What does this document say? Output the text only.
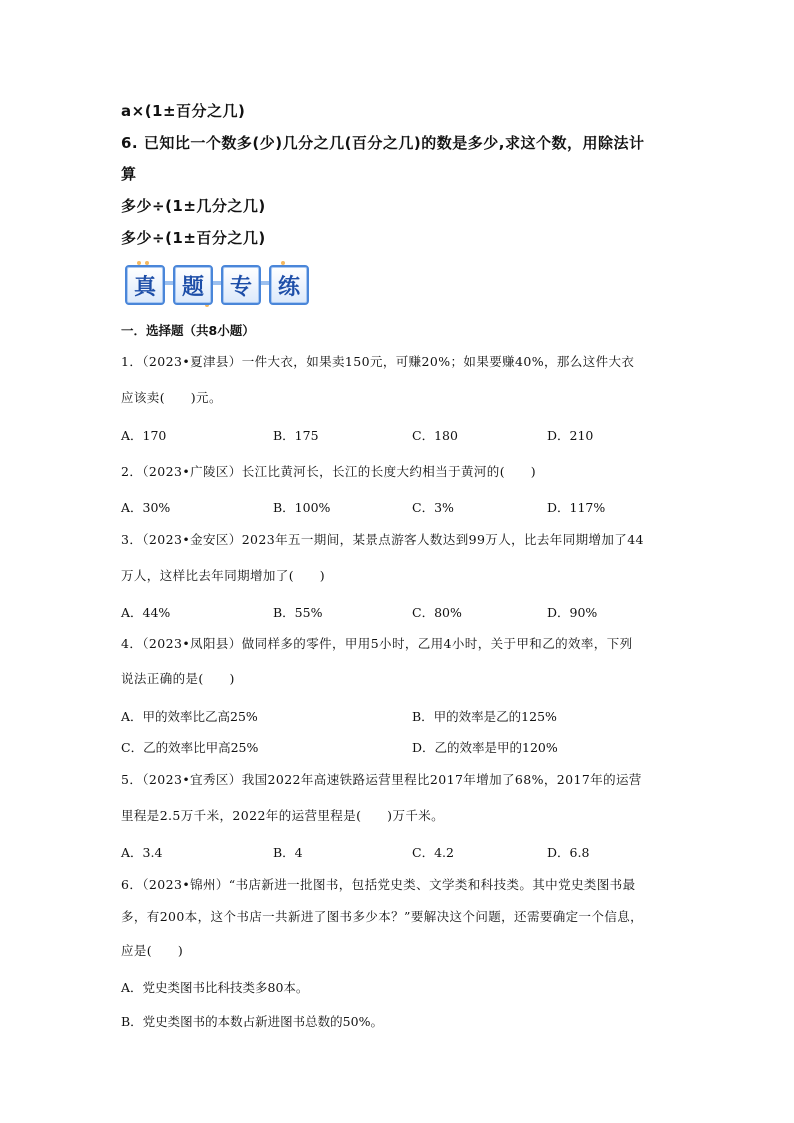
a×(1±百分之几)
6. 已知比一个数多(少)几分之几(百分之几)的数是多少,求这个数，用除法计
算
多少÷(1±几分之几)
多少÷(1±百分之几)
真	题	专	练
一．选择题（共8小题）
1．（2023•夏津县）一件大衣，如果卖150元，可赚20%；如果要赚40%，那么这件大衣
应该卖(　　)元。
A．170	B．175	C．180	D．210
2．（2023•广陵区）长江比黄河长，长江的长度大约相当于黄河的(　　)
A．30%	B．100%	C．3%	D．117%
3．（2023•金安区）2023年五一期间，某景点游客人数达到99万人，比去年同期增加了44
万人，这样比去年同期增加了(　　)
A．44%	B．55%	C．80%	D．90%
4．（2023•凤阳县）做同样多的零件，甲用5小时，乙用4小时，关于甲和乙的效率，下列
说法正确的是(　　)
A．甲的效率比乙高25%	B．甲的效率是乙的125%
C．乙的效率比甲高25%	D．乙的效率是甲的120%
5．（2023•宜秀区）我国2022年高速铁路运营里程比2017年增加了68%，2017年的运营
里程是2.5万千米，2022年的运营里程是(　　)万千米。
A．3.4	B．4	C．4.2	D．6.8
6．（2023•锦州）“书店新进一批图书，包括党史类、文学类和科技类。其中党史类图书最
多，有200本，这个书店一共新进了图书多少本？”要解决这个问题，还需要确定一个信息，
应是(　　)
A．党史类图书比科技类多80本。
B．党史类图书的本数占新进图书总数的50%。
